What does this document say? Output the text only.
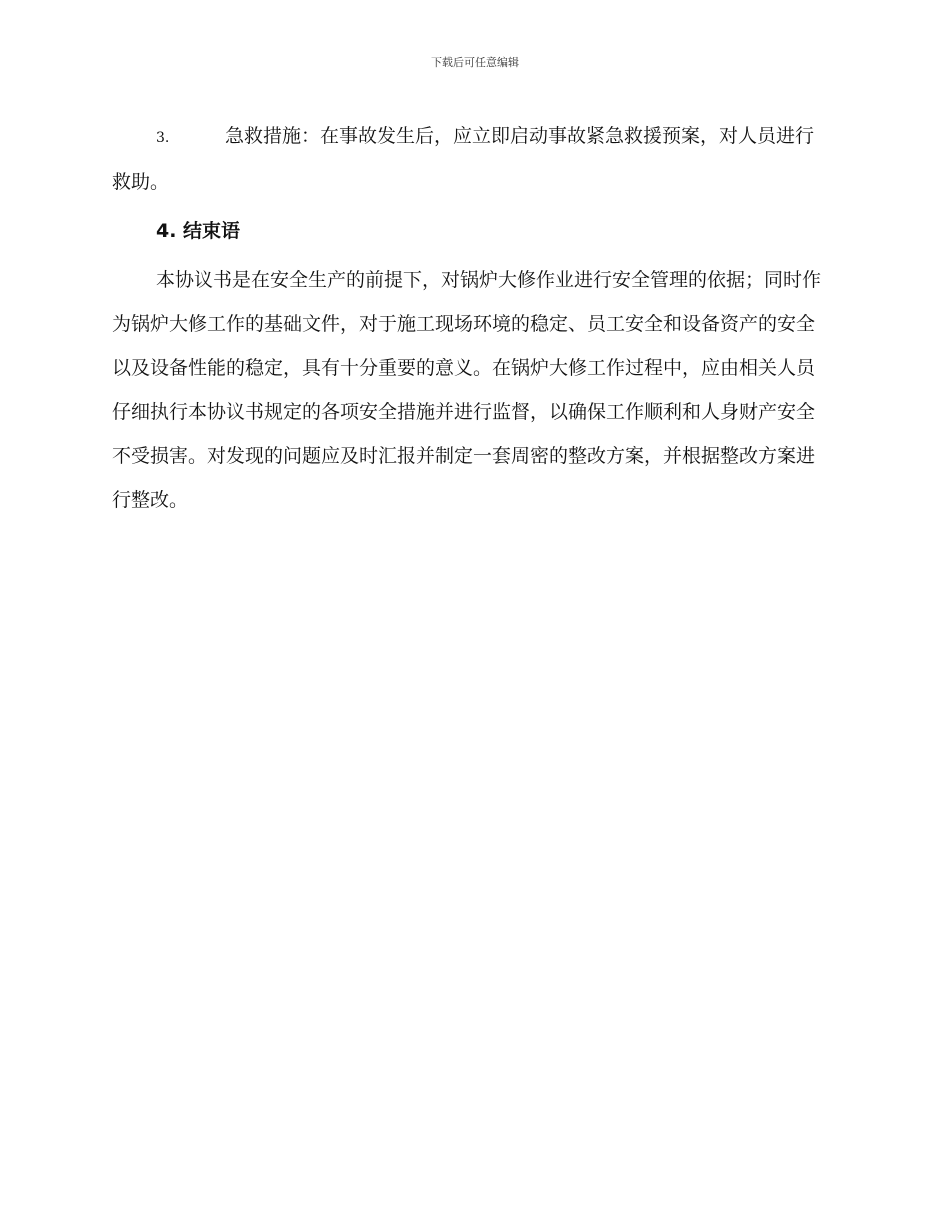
下载后可任意编辑

3.	急救措施：在事故发生后，应立即启动事故紧急救援预案，对人员进行救助。

4. 结束语

本协议书是在安全生产的前提下，对锅炉大修作业进行安全管理的依据；同时作为锅炉大修工作的基础文件，对于施工现场环境的稳定、员工安全和设备资产的安全以及设备性能的稳定，具有十分重要的意义。在锅炉大修工作过程中，应由相关人员仔细执行本协议书规定的各项安全措施并进行监督，以确保工作顺利和人身财产安全不受损害。对发现的问题应及时汇报并制定一套周密的整改方案，并根据整改方案进行整改。
